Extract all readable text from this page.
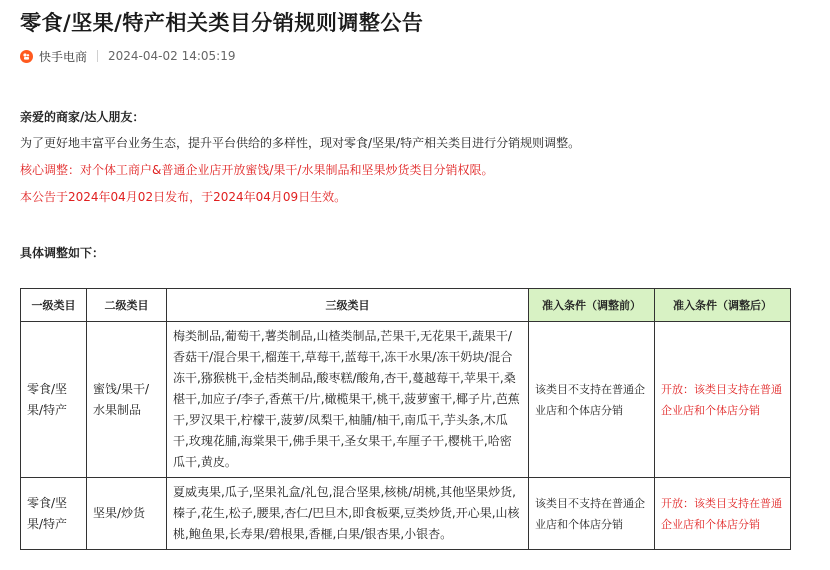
零食/坚果/特产相关类目分销规则调整公告
快手电商 2024-04-02 14:05:19

亲爱的商家/达人朋友：

为了更好地丰富平台业务生态，提升平台供给的多样性，现对零食/坚果/特产相关类目进行分销规则调整。

核心调整：对个体工商户&普通企业店开放蜜饯/果干/水果制品和坚果炒货类目分销权限。

本公告于2024年04月02日发布，于2024年04月09日生效。

具体调整如下：

一级类目	二级类目	三级类目	准入条件（调整前）	准入条件（调整后）
零食/坚果/特产	蜜饯/果干/水果制品	梅类制品,葡萄干,薯类制品,山楂类制品,芒果干,无花果干,蔬果干/香菇干/混合果干,榴莲干,草莓干,蓝莓干,冻干水果/冻干奶块/混合冻干,猕猴桃干,金桔类制品,酸枣糕/酸角,杏干,蔓越莓干,苹果干,桑椹干,加应子/李子,香蕉干/片,橄榄果干,桃干,菠萝蜜干,椰子片,芭蕉干,罗汉果干,柠檬干,菠萝/凤梨干,柚脯/柚干,南瓜干,芋头条,木瓜干,玫瑰花脯,海棠果干,佛手果干,圣女果干,车厘子干,樱桃干,哈密瓜干,黄皮。	该类目不支持在普通企业店和个体店分销	开放：该类目支持在普通企业店和个体店分销
零食/坚果/特产	坚果/炒货	夏威夷果,瓜子,坚果礼盒/礼包,混合坚果,核桃/胡桃,其他坚果炒货,榛子,花生,松子,腰果,杏仁/巴旦木,即食板栗,豆类炒货,开心果,山核桃,鲍鱼果,长寿果/碧根果,香榧,白果/银杏果,小银杏。	该类目不支持在普通企业店和个体店分销	开放：该类目支持在普通企业店和个体店分销
